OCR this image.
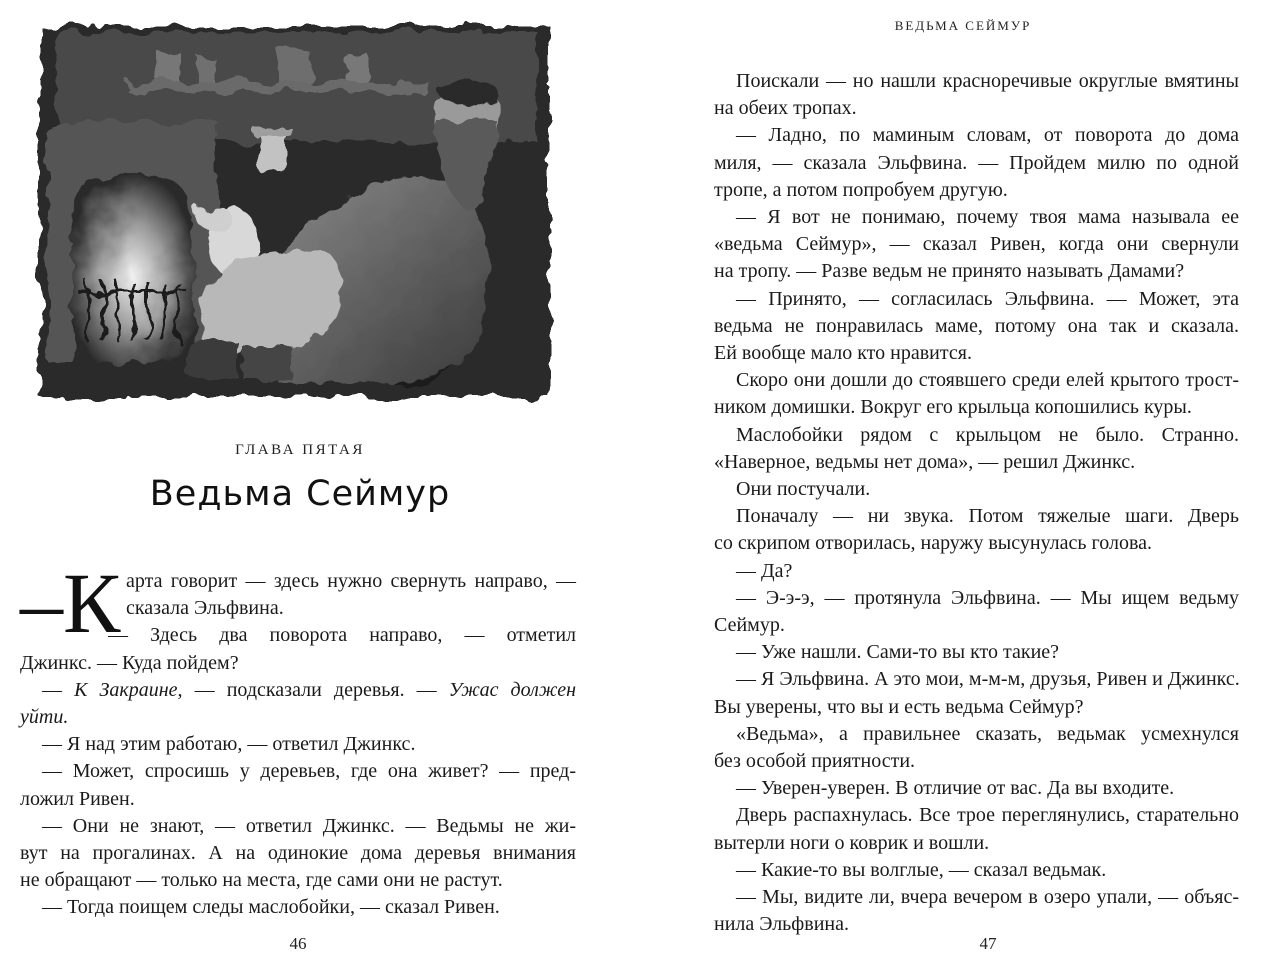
ГЛАВА ПЯТАЯ
Ведьма Сеймур
–К арта говорит — здесь нужно свернуть направо, —

сказала Эльфвина.

— Здесь два поворота направо, — отметил

Джинкс. — Куда пойдем?

— К Закраине, — подсказали деревья. — Ужас должен

уйти.

— Я над этим работаю, — ответил Джинкс.

— Может, спросишь у деревьев, где она живет? — пред-

ложил Ривен.

— Они не знают, — ответил Джинкс. — Ведьмы не жи-

вут на прогалинах. А на одинокие дома деревья внимания

не обращают — только на места, где сами они не растут.

— Тогда поищем следы маслобойки, — сказал Ривен.

46
ВЕДЬМА СЕЙМУР

Поискали — но нашли красноречивые округлые вмятины

на обеих тропах.

— Ладно, по маминым словам, от поворота до дома

миля, — сказала Эльфвина. — Пройдем милю по одной

тропе, а потом попробуем другую.

— Я вот не понимаю, почему твоя мама называла ее

«ведьма Сеймур», — сказал Ривен, когда они свернули

на тропу. — Разве ведьм не принято называть Дамами?

— Принято, — согласилась Эльфвина. — Может, эта

ведьма не понравилась маме, потому она так и сказала.

Ей вообще мало кто нравится.

Скоро они дошли до стоявшего среди елей крытого трост-

ником домишки. Вокруг его крыльца копошились куры.

Маслобойки рядом с крыльцом не было. Странно.

«Наверное, ведьмы нет дома», — решил Джинкс.

Они постучали.

Поначалу — ни звука. Потом тяжелые шаги. Дверь

со скрипом отворилась, наружу высунулась голова.

— Да?

— Э-э-э, — протянула Эльфвина. — Мы ищем ведьму

Сеймур.

— Уже нашли. Сами-то вы кто такие?

— Я Эльфвина. А это мои, м-м-м, друзья, Ривен и Джинкс.

Вы уверены, что вы и есть ведьма Сеймур?

«Ведьма», а правильнее сказать, ведьмак усмехнулся

без особой приятности.

— Уверен-уверен. В отличие от вас. Да вы входите.

Дверь распахнулась. Все трое переглянулись, старательно

вытерли ноги о коврик и вошли.

— Какие-то вы волглые, — сказал ведьмак.

— Мы, видите ли, вчера вечером в озеро упали, — объяс-

нила Эльфвина.

47
